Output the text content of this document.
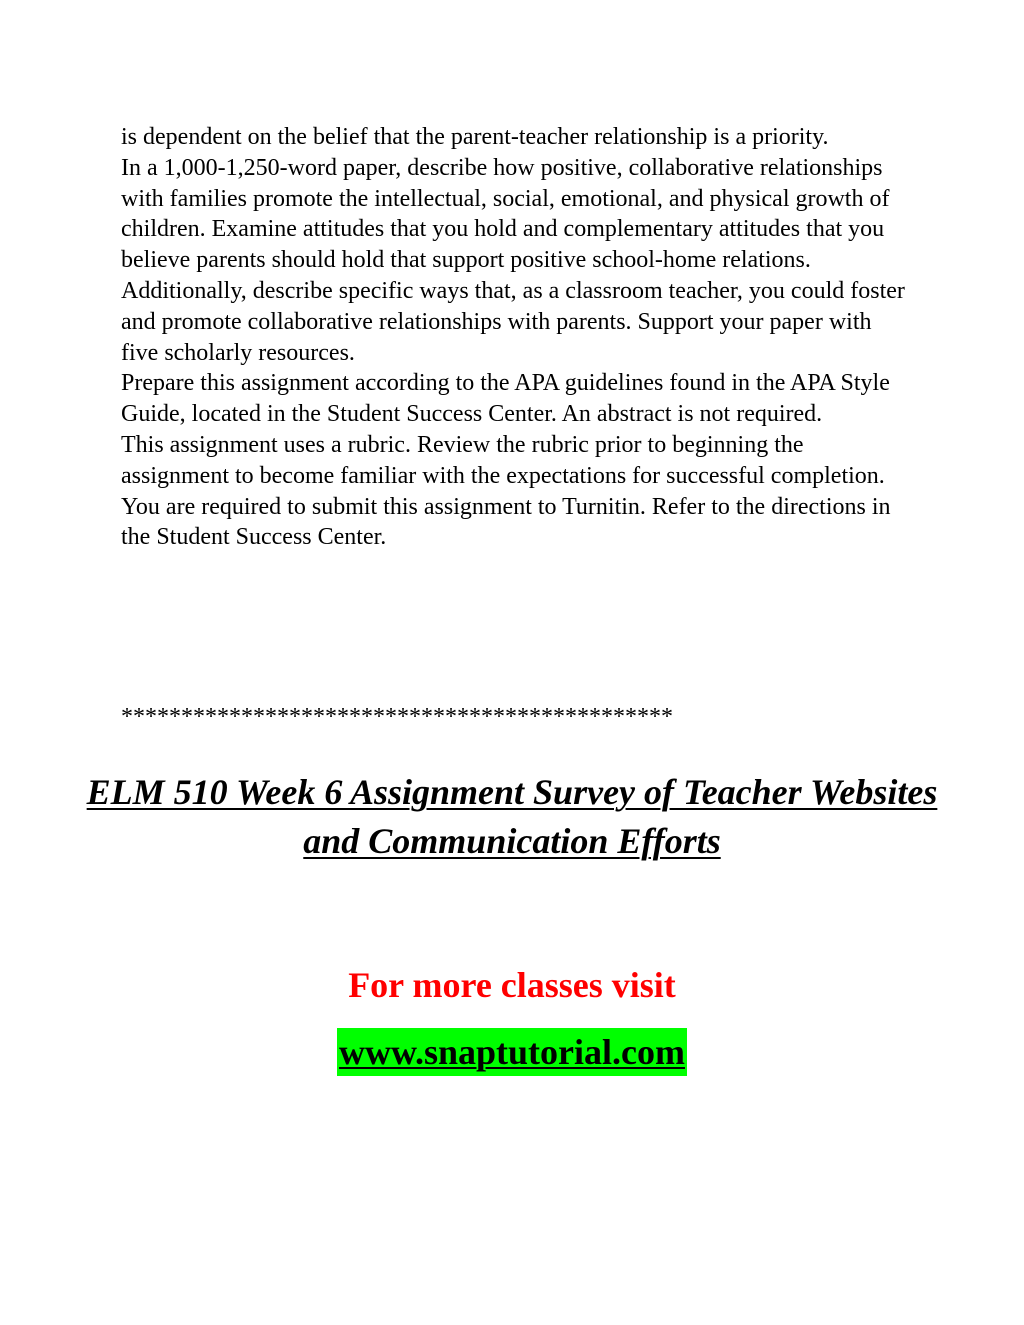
is dependent on the belief that the parent-teacher relationship is a priority.

In a 1,000-1,250-word paper, describe how positive, collaborative relationships with families promote the intellectual, social, emotional, and physical growth of children. Examine attitudes that you hold and complementary attitudes that you believe parents should hold that support positive school-home relations. Additionally, describe specific ways that, as a classroom teacher, you could foster and promote collaborative relationships with parents. Support your paper with five scholarly resources.

Prepare this assignment according to the APA guidelines found in the APA Style Guide, located in the Student Success Center. An abstract is not required.

This assignment uses a rubric. Review the rubric prior to beginning the assignment to become familiar with the expectations for successful completion.

You are required to submit this assignment to Turnitin. Refer to the directions in the Student Success Center.

**********************************************
ELM 510 Week 6 Assignment Survey of Teacher Websites and Communication Efforts
For more classes visit
www.snaptutorial.com
